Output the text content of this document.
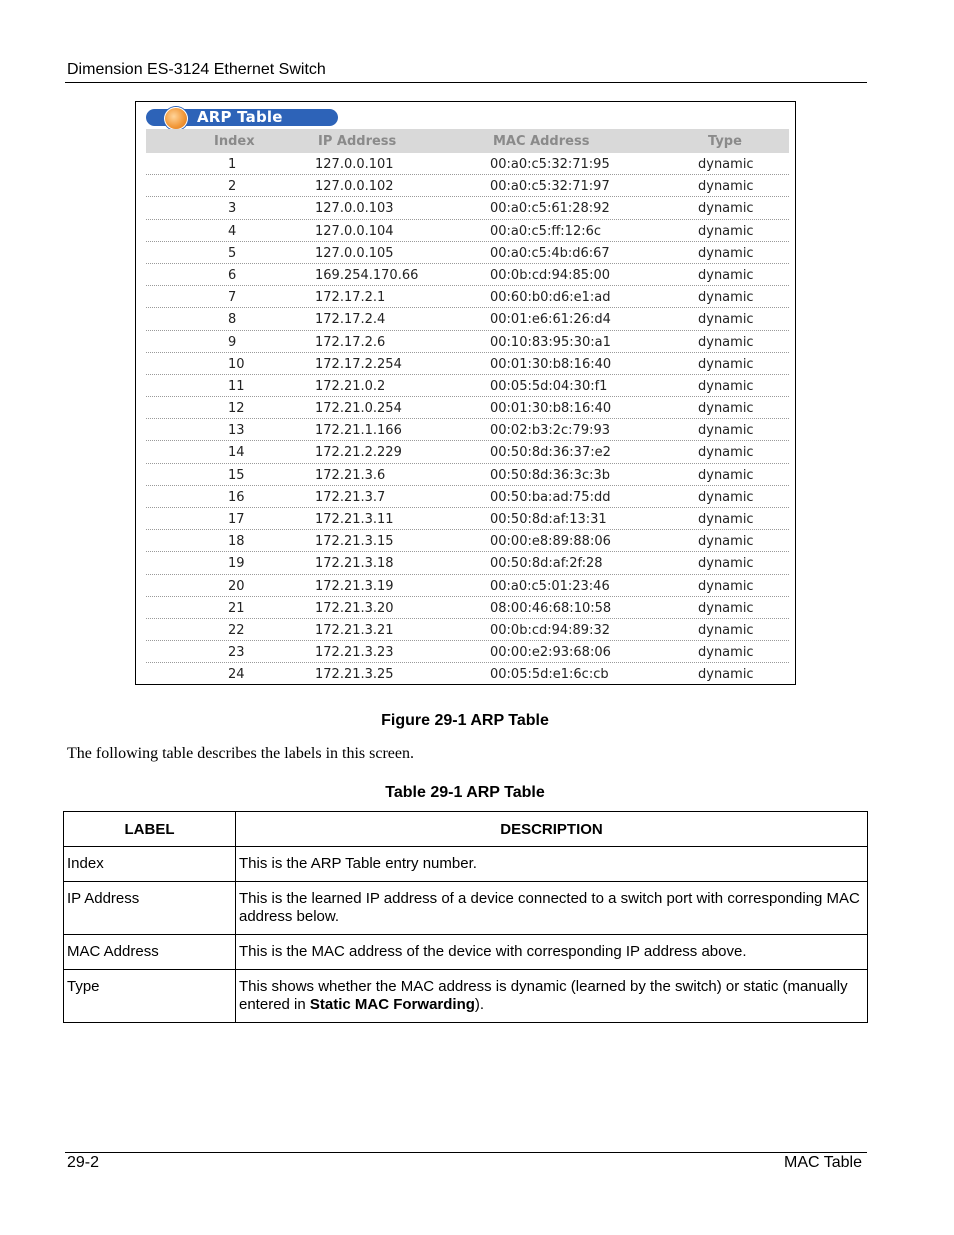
Dimension ES-3124 Ethernet Switch
ARP Table
Index	IP Address	MAC Address	Type
1	127.0.0.101	00:a0:c5:32:71:95	dynamic
2	127.0.0.102	00:a0:c5:32:71:97	dynamic
3	127.0.0.103	00:a0:c5:61:28:92	dynamic
4	127.0.0.104	00:a0:c5:ff:12:6c	dynamic
5	127.0.0.105	00:a0:c5:4b:d6:67	dynamic
6	169.254.170.66	00:0b:cd:94:85:00	dynamic
7	172.17.2.1	00:60:b0:d6:e1:ad	dynamic
8	172.17.2.4	00:01:e6:61:26:d4	dynamic
9	172.17.2.6	00:10:83:95:30:a1	dynamic
10	172.17.2.254	00:01:30:b8:16:40	dynamic
11	172.21.0.2	00:05:5d:04:30:f1	dynamic
12	172.21.0.254	00:01:30:b8:16:40	dynamic
13	172.21.1.166	00:02:b3:2c:79:93	dynamic
14	172.21.2.229	00:50:8d:36:37:e2	dynamic
15	172.21.3.6	00:50:8d:36:3c:3b	dynamic
16	172.21.3.7	00:50:ba:ad:75:dd	dynamic
17	172.21.3.11	00:50:8d:af:13:31	dynamic
18	172.21.3.15	00:00:e8:89:88:06	dynamic
19	172.21.3.18	00:50:8d:af:2f:28	dynamic
20	172.21.3.19	00:a0:c5:01:23:46	dynamic
21	172.21.3.20	08:00:46:68:10:58	dynamic
22	172.21.3.21	00:0b:cd:94:89:32	dynamic
23	172.21.3.23	00:00:e2:93:68:06	dynamic
24	172.21.3.25	00:05:5d:e1:6c:cb	dynamic
Figure 29-1 ARP Table
The following table describes the labels in this screen.
Table 29-1 ARP Table
LABEL	DESCRIPTION
Index	This is the ARP Table entry number.
IP Address	This is the learned IP address of a device connected to a switch port with corresponding MAC address below.
MAC Address	This is the MAC address of the device with corresponding IP address above.
Type	This shows whether the MAC address is dynamic (learned by the switch) or static (manually entered in Static MAC Forwarding).
29-2	MAC Table
